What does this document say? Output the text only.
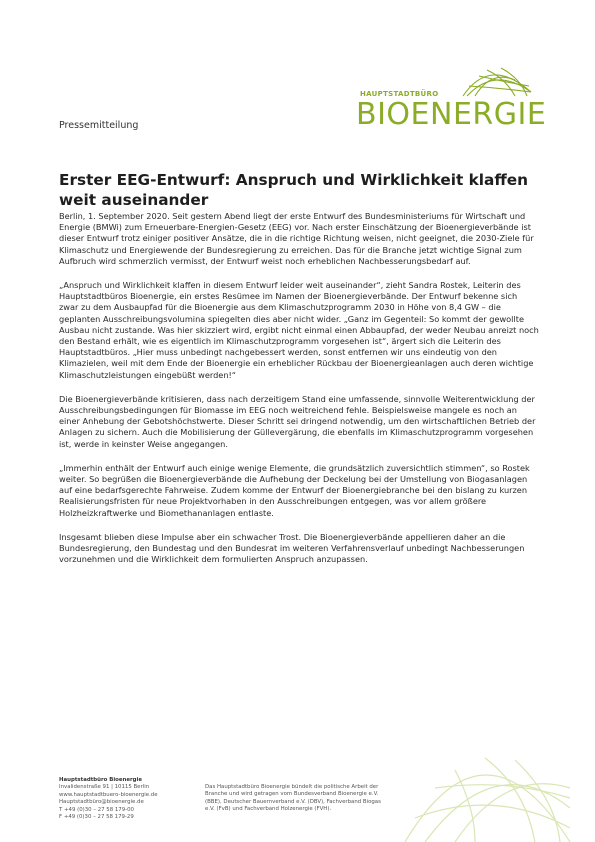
HAUPTSTADTBÜRO
BIOENERGIE
Pressemitteilung
Erster EEG-Entwurf: Anspruch und Wirklichkeit klaffen weit auseinander

Berlin, 1. September 2020. Seit gestern Abend liegt der erste Entwurf des Bundesministeriums für Wirtschaft und Energie (BMWi) zum Erneuerbare-Energien-Gesetz (EEG) vor. Nach erster Einschätzung der Bioenergieverbände ist dieser Entwurf trotz einiger positiver Ansätze, die in die richtige Richtung weisen, nicht geeignet, die 2030-Ziele für Klimaschutz und Energiewende der Bundesregierung zu erreichen. Das für die Branche jetzt wichtige Signal zum Aufbruch wird schmerzlich vermisst, der Entwurf weist noch erheblichen Nachbesserungsbedarf auf.

„Anspruch und Wirklichkeit klaffen in diesem Entwurf leider weit auseinander“, zieht Sandra Rostek, Leiterin des Hauptstadtbüros Bioenergie, ein erstes Resümee im Namen der Bioenergieverbände. Der Entwurf bekenne sich zwar zu dem Ausbaupfad für die Bioenergie aus dem Klimaschutzprogramm 2030 in Höhe von 8,4 GW – die geplanten Ausschreibungsvolumina spiegelten dies aber nicht wider. „Ganz im Gegenteil: So kommt der gewollte Ausbau nicht zustande. Was hier skizziert wird, ergibt nicht einmal einen Abbaupfad, der weder Neubau anreizt noch den Bestand erhält, wie es eigentlich im Klimaschutzprogramm vorgesehen ist“, ärgert sich die Leiterin des Hauptstadtbüros. „Hier muss unbedingt nachgebessert werden, sonst entfernen wir uns eindeutig von den Klimazielen, weil mit dem Ende der Bioenergie ein erheblicher Rückbau der Bioenergieanlagen auch deren wichtige Klimaschutzleistungen eingebüßt werden!“

Die Bioenergieverbände kritisieren, dass nach derzeitigem Stand eine umfassende, sinnvolle Weiterentwicklung der Ausschreibungsbedingungen für Biomasse im EEG noch weitreichend fehle. Beispielsweise mangele es noch an einer Anhebung der Gebotshöchstwerte. Dieser Schritt sei dringend notwendig, um den wirtschaftlichen Betrieb der Anlagen zu sichern. Auch die Mobilisierung der Güllevergärung, die ebenfalls im Klimaschutzprogramm vorgesehen ist, werde in keinster Weise angegangen.

„Immerhin enthält der Entwurf auch einige wenige Elemente, die grundsätzlich zuversichtlich stimmen“, so Rostek weiter. So begrüßen die Bioenergieverbände die Aufhebung der Deckelung bei der Umstellung von Biogasanlagen auf eine bedarfsgerechte Fahrweise. Zudem komme der Entwurf der Bioenergiebranche bei den bislang zu kurzen Realisierungsfristen für neue Projektvorhaben in den Ausschreibungen entgegen, was vor allem größere Holzheizkraftwerke und Biomethananlagen entlaste.

Insgesamt blieben diese Impulse aber ein schwacher Trost. Die Bioenergieverbände appellieren daher an die Bundesregierung, den Bundestag und den Bundesrat im weiteren Verfahrensverlauf unbedingt Nachbesserungen vorzunehmen und die Wirklichkeit dem formulierten Anspruch anzupassen.

Hauptstadtbüro Bioenergie
Invalidenstraße 91 | 10115 Berlin
www.hauptstadtbuero-bioenergie.de
Hauptstadtbüro@bioenergie.de
T +49 (0)30 – 27 58 179-00
F +49 (0)30 – 27 58 179-29
Das Hauptstadtbüro Bioenergie bündelt die politische Arbeit der Branche und wird getragen vom Bundesverband Bioenergie e.V. (BBE), Deutscher Bauernverband e.V. (DBV), Fachverband Biogas e.V. (FvB) und Fachverband Holzenergie (FVH).
